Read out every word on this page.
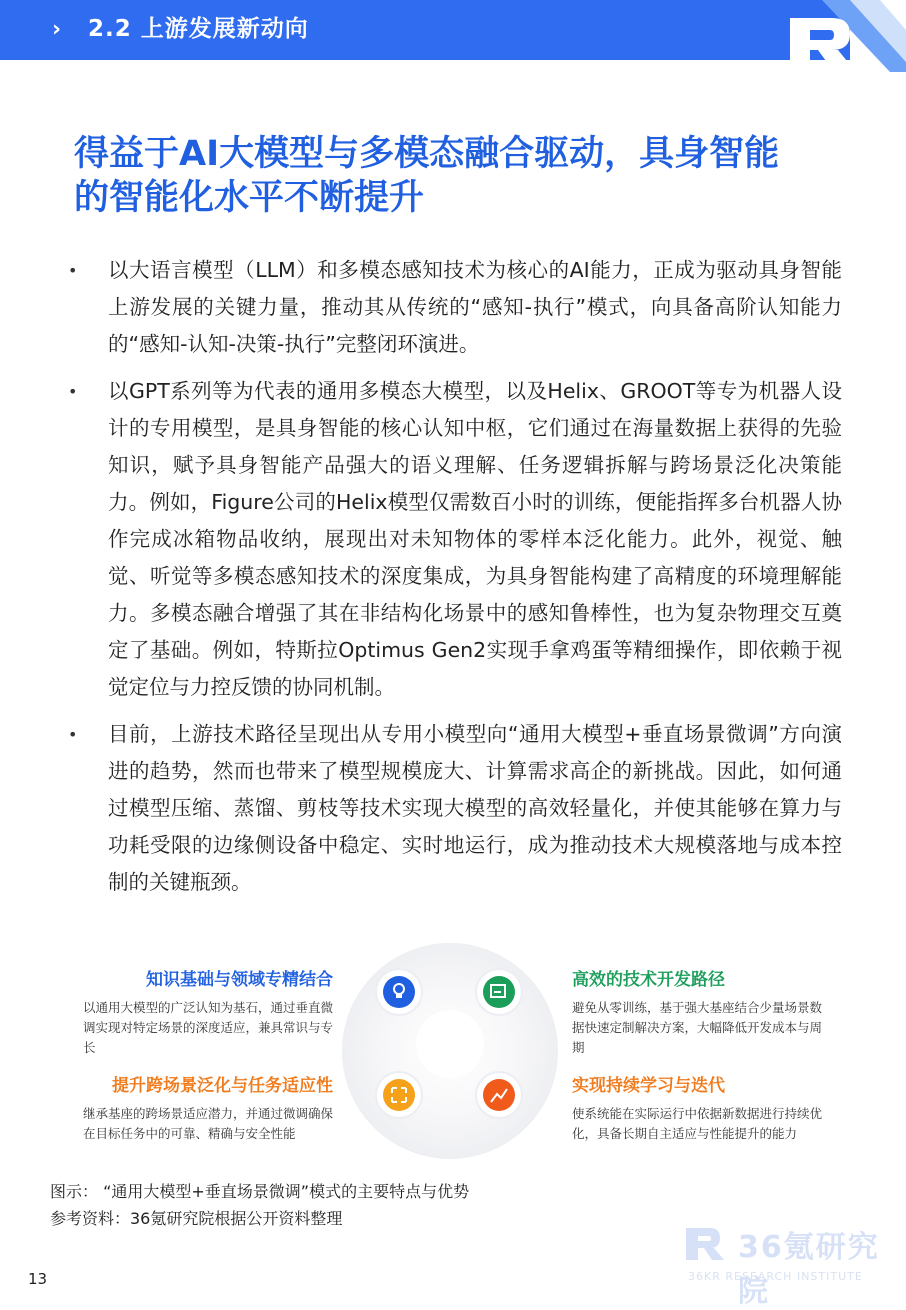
› 2.2 上游发展新动向
得益于AI大模型与多模态融合驱动，具身智能
的智能化水平不断提升
• 以大语言模型（LLM）和多模态感知技术为核心的AI能力，正成为驱动具身智能上游发展的关键力量，推动其从传统的“感知-执行”模式，向具备高阶认知能力的“感知-认知-决策-执行”完整闭环演进。

• 以GPT系列等为代表的通用多模态大模型，以及Helix、GROOT等专为机器人设计的专用模型，是具身智能的核心认知中枢，它们通过在海量数据上获得的先验知识，赋予具身智能产品强大的语义理解、任务逻辑拆解与跨场景泛化决策能力。例如，Figure公司的Helix模型仅需数百小时的训练，便能指挥多台机器人协作完成冰箱物品收纳，展现出对未知物体的零样本泛化能力。此外，视觉、触觉、听觉等多模态感知技术的深度集成，为具身智能构建了高精度的环境理解能力。多模态融合增强了其在非结构化场景中的感知鲁棒性，也为复杂物理交互奠定了基础。例如，特斯拉Optimus Gen2实现手拿鸡蛋等精细操作，即依赖于视觉定位与力控反馈的协同机制。

• 目前，上游技术路径呈现出从专用小模型向“通用大模型+垂直场景微调”方向演进的趋势，然而也带来了模型规模庞大、计算需求高企的新挑战。因此，如何通过模型压缩、蒸馏、剪枝等技术实现大模型的高效轻量化，并使其能够在算力与功耗受限的边缘侧设备中稳定、实时地运行，成为推动技术大规模落地与成本控制的关键瓶颈。

知识基础与领域专精结合

以通用大模型的广泛认知为基石，通过垂直微调实现对特定场景的深度适应，兼具常识与专长

提升跨场景泛化与任务适应性

继承基座的跨场景适应潜力，并通过微调确保在目标任务中的可靠、精确与安全性能

高效的技术开发路径

避免从零训练，基于强大基座结合少量场景数据快速定制解决方案，大幅降低开发成本与周期

实现持续学习与迭代

使系统能在实际运行中依据新数据进行持续优化，具备长期自主适应与性能提升的能力

图示： “通用大模型+垂直场景微调”模式的主要特点与优势
参考资料：36氪研究院根据公开资料整理
13
36氪研究院
36KR RESEARCH INSTITUTE
